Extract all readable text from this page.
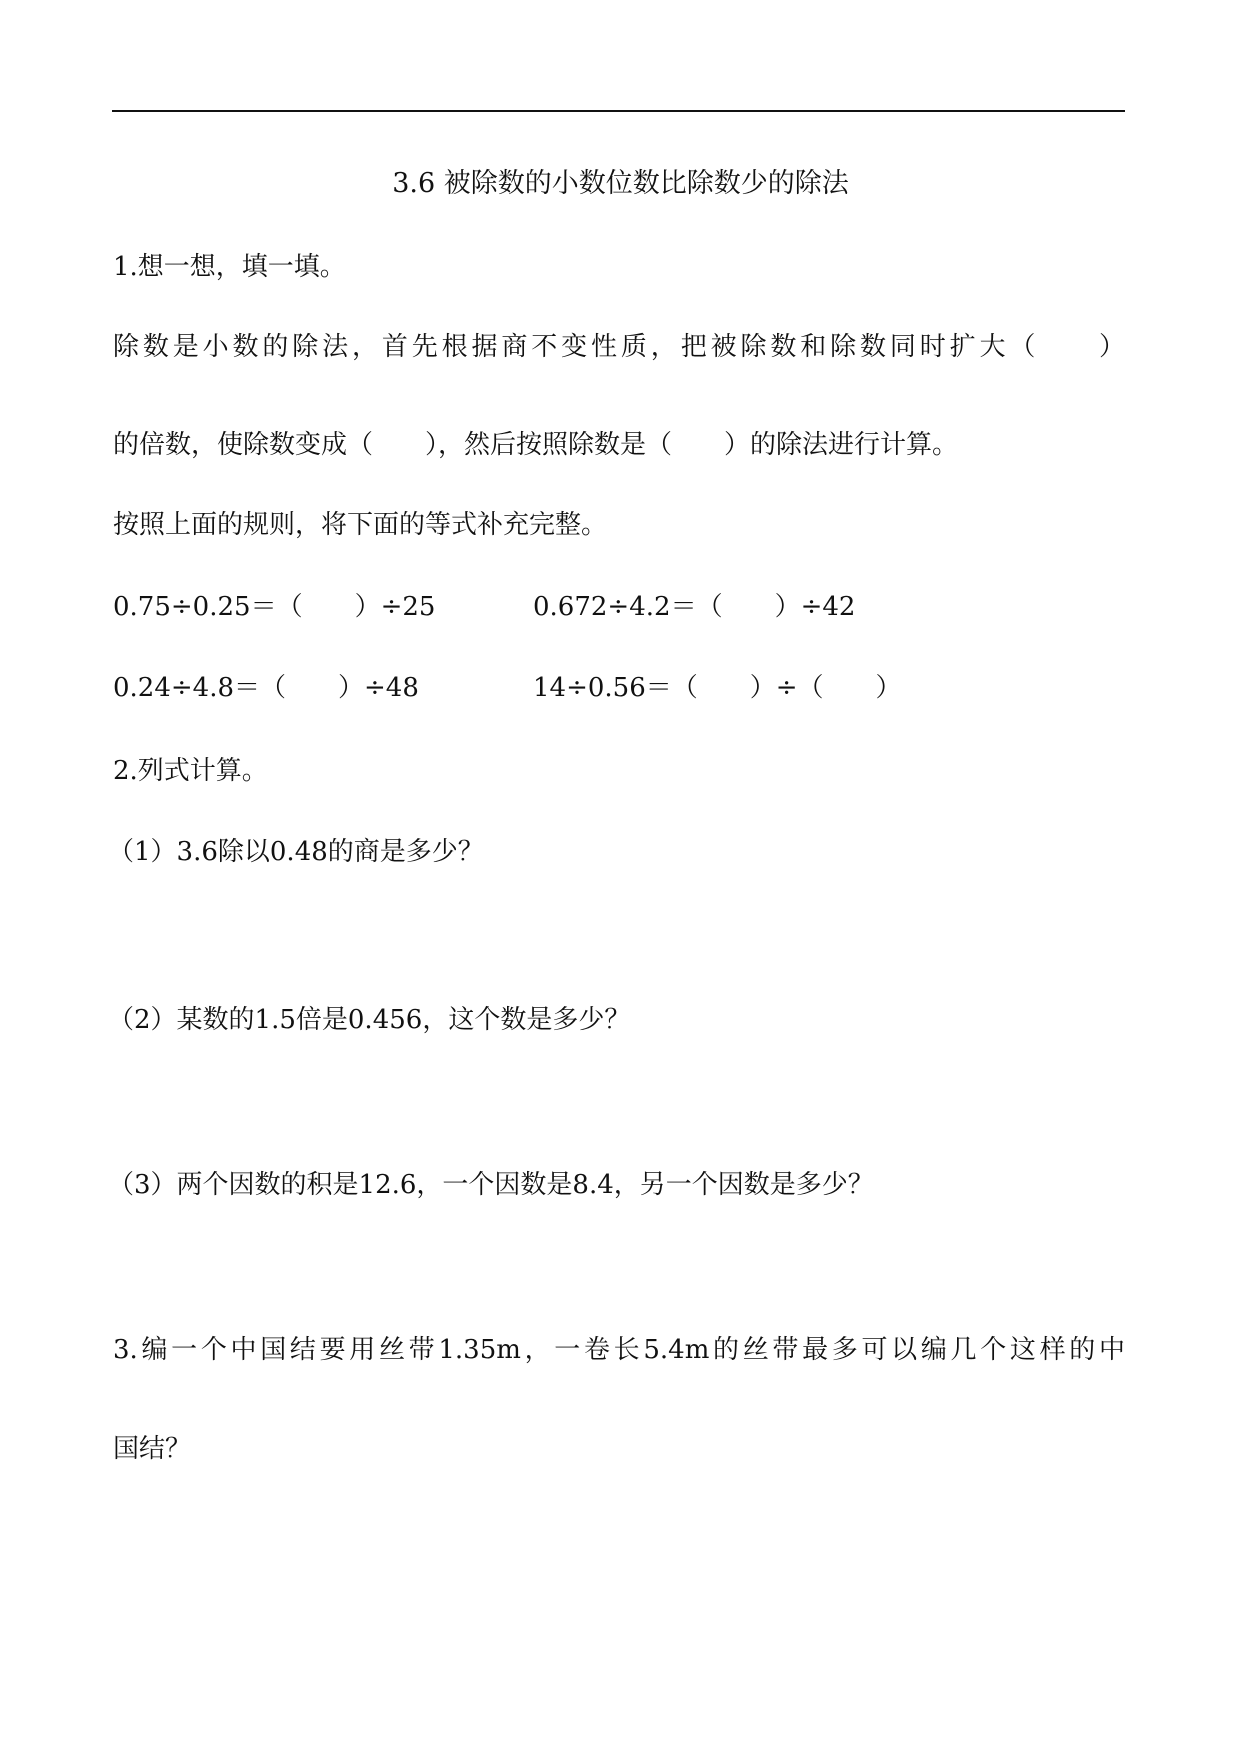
3.6 被除数的小数位数比除数少的除法
1.想一想，填一填。
除数是小数的除法，首先根据商不变性质，把被除数和除数同时扩大（　　）
的倍数，使除数变成（　　），然后按照除数是（　　）的除法进行计算。
按照上面的规则，将下面的等式补充完整。
0.75÷0.25＝（　　）÷25	0.672÷4.2＝（　　）÷42
0.24÷4.8＝（　　）÷48	14÷0.56＝（　　）÷（　　）
2.列式计算。
（1）3.6除以0.48的商是多少？
（2）某数的1.5倍是0.456，这个数是多少？
（3）两个因数的积是12.6，一个因数是8.4，另一个因数是多少？
3.编一个中国结要用丝带1.35m，一卷长5.4m的丝带最多可以编几个这样的中
国结？
